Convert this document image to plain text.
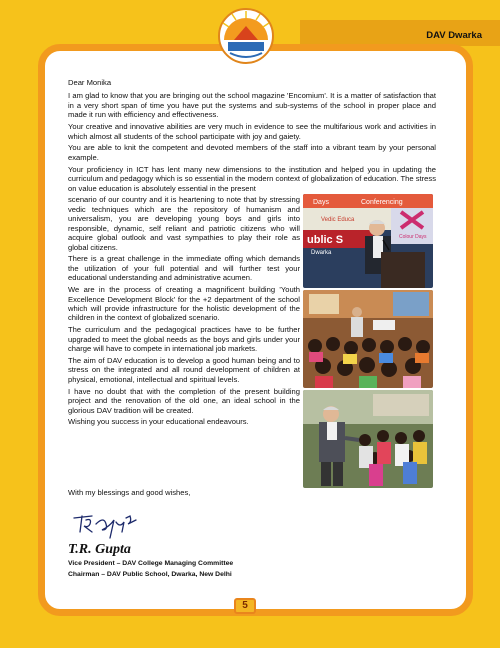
DAV Dwarka

Dear Monika

I am glad to know that you are bringing out the school magazine 'Encomium'. It is a matter of satisfaction that in a very short span of time you have put the systems and sub-systems of the school in proper place and made it run with efficiency and effectiveness.

Your creative and innovative abilities are very much in evidence to see the multifarious work and activities in which almost all students of the school participate with joy and gaiety.

You are able to knit the competent and devoted members of the staff into a vibrant team by your personal example.

Your proficiency in ICT has lent many new dimensions to the institution and helped you in updating the curriculum and pedagogy which is so essential in the modern context of globalization of education. The stress on value education is absolutely essential in the present

scenario of our country and it is heartening to note that by stressing vedic techniques which are the repository of humanism and universalism, you are developing young boys and girls into responsible, dynamic, self reliant and patriotic citizens who will acquire global outlook and vast sympathies to play their role as global citizens.

There is a great challenge in the immediate offing which demands the utilization of your full potential and will further test your educational understanding and administrative acumen.

We are in the process of creating a magnificent building 'Youth Excellence Development Block' for the +2 department of the school which will provide infrastructure for the holistic development of the children in the context of globalized scenario.

The curriculum and the pedagogical practices have to be further upgraded to meet the global needs as the boys and girls under your charge will have to compete in international job markets.

The aim of DAV education is to develop a good human being and to stress on the integrated and all round development of children at physical, emotional, intellectual and spiritual levels.

I have no doubt that with the completion of the present building project and the renovation of the old one, an ideal school in the glorious DAV tradition will be created.

Wishing you success in your educational endeavours.

Days	Conferencing
Vedic Educa
Colour Days
ublic S
Dwarka
With my blessings and good wishes,
T.R. Gupta
Vice President – DAV College Managing Committee
Chairman – DAV Public School, Dwarka, New Delhi
5
